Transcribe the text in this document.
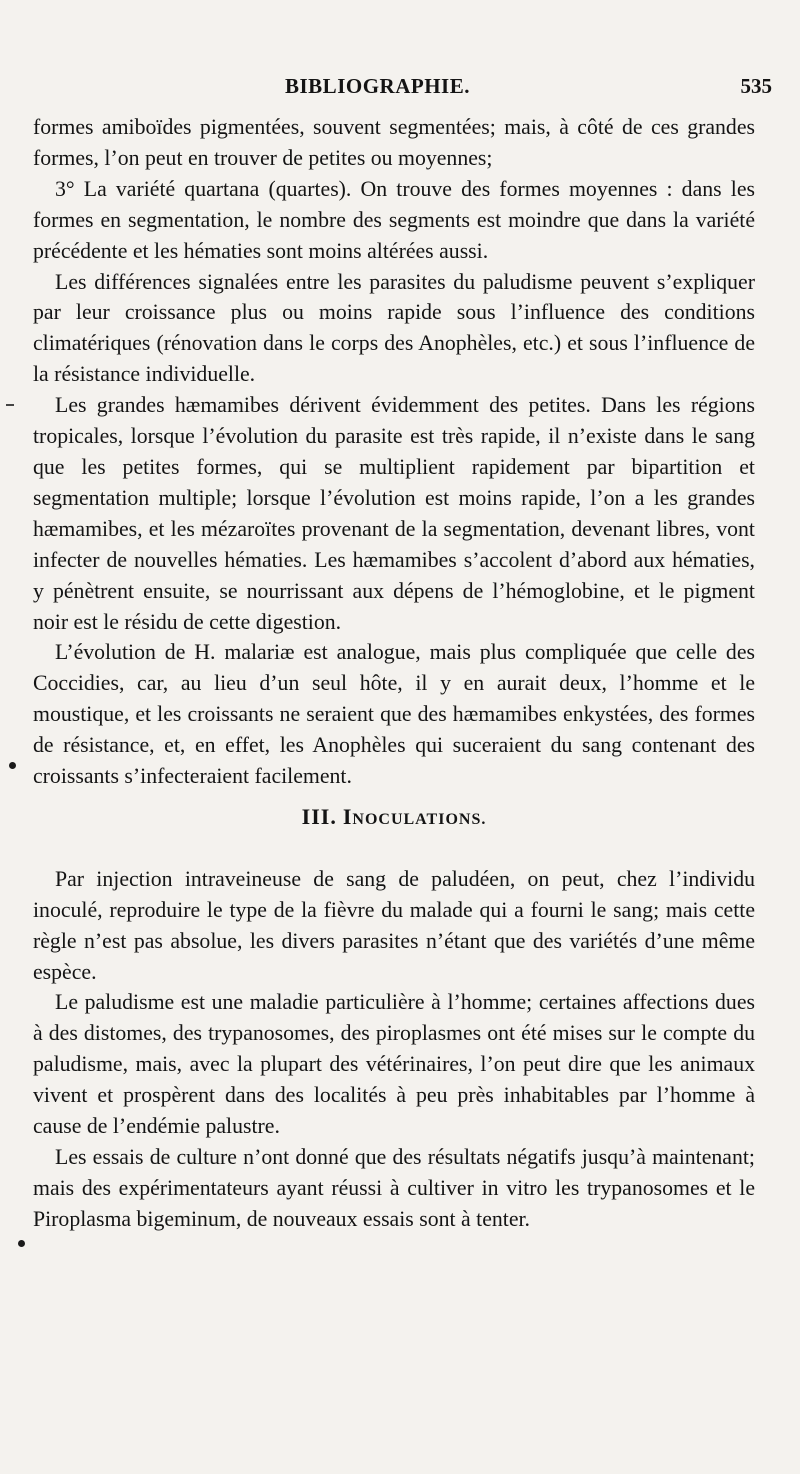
BIBLIOGRAPHIE.	535

formes amiboïdes pigmentées, souvent segmentées; mais, à côté de ces grandes formes, l’on peut en trouver de petites ou moyennes;

3° La variété quartana (quartes). On trouve des formes moyennes : dans les formes en segmentation, le nombre des segments est moindre que dans la variété précédente et les hématies sont moins altérées aussi.

Les différences signalées entre les parasites du paludisme peuvent s’expliquer par leur croissance plus ou moins rapide sous l’influence des conditions climatériques (rénovation dans le corps des Anophèles, etc.) et sous l’influence de la résistance individuelle.

Les grandes hæmamibes dérivent évidemment des petites. Dans les régions tropicales, lorsque l’évolution du parasite est très rapide, il n’existe dans le sang que les petites formes, qui se multiplient rapidement par bipartition et segmentation multiple; lorsque l’évolution est moins rapide, l’on a les grandes hæmamibes, et les mézaroïtes provenant de la segmentation, devenant libres, vont infecter de nouvelles hématies. Les hæmamibes s’accolent d’abord aux hématies, y pénètrent ensuite, se nourrissant aux dépens de l’hémoglobine, et le pigment noir est le résidu de cette digestion.

L’évolution de H. malariæ est analogue, mais plus compliquée que celle des Coccidies, car, au lieu d’un seul hôte, il y en aurait deux, l’homme et le moustique, et les croissants ne seraient que des hæmamibes enkystées, des formes de résistance, et, en effet, les Anophèles qui suceraient du sang contenant des croissants s’infecteraient facilement.

III. INOCULATIONS.

Par injection intraveineuse de sang de paludéen, on peut, chez l’individu inoculé, reproduire le type de la fièvre du malade qui a fourni le sang; mais cette règle n’est pas absolue, les divers parasites n’étant que des variétés d’une même espèce.

Le paludisme est une maladie particulière à l’homme; certaines affections dues à des distomes, des trypanosomes, des piroplasmes ont été mises sur le compte du paludisme, mais, avec la plupart des vétérinaires, l’on peut dire que les animaux vivent et prospèrent dans des localités à peu près inhabitables par l’homme à cause de l’endémie palustre.

Les essais de culture n’ont donné que des résultats négatifs jusqu’à maintenant; mais des expérimentateurs ayant réussi à cultiver in vitro les trypanosomes et le Piroplasma bigeminum, de nouveaux essais sont à tenter.
